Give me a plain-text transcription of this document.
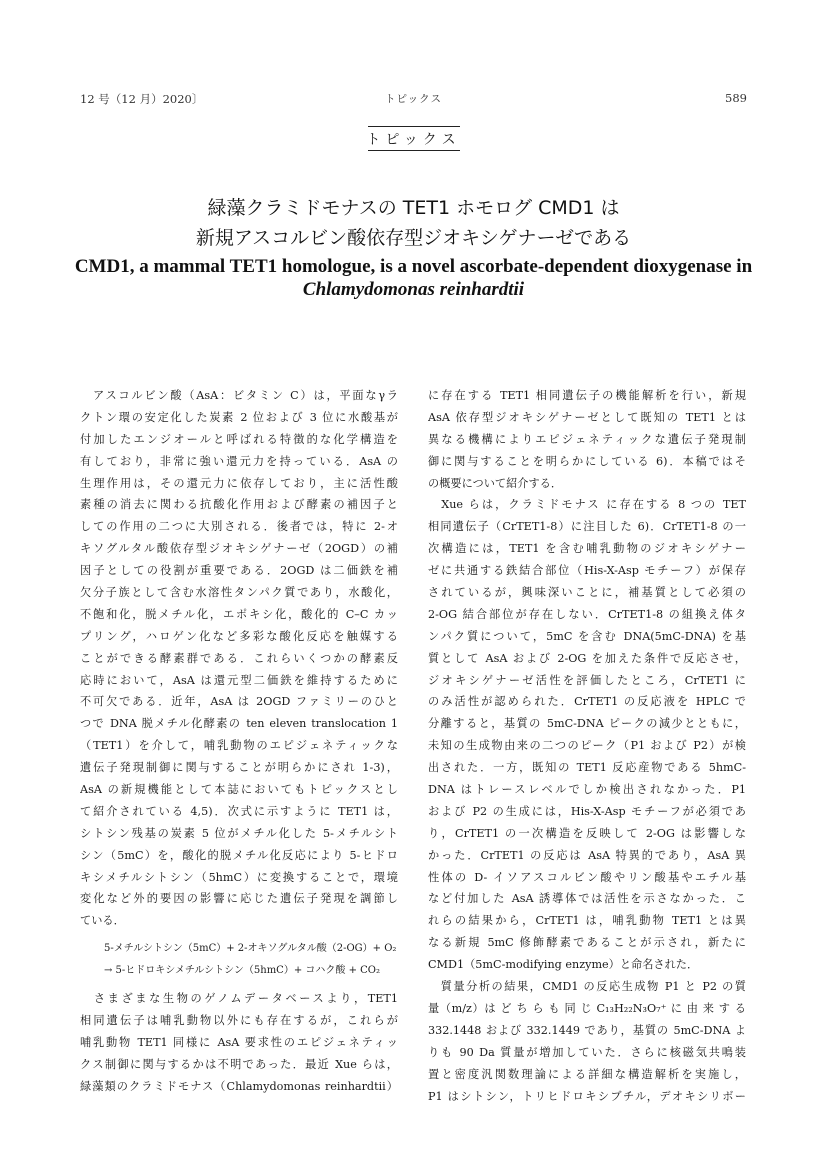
12 号（12 月）2020〕	トピックス	589
トピックス
緑藻クラミドモナスの TET1 ホモログ CMD1 は
新規アスコルビン酸依存型ジオキシゲナーゼである
CMD1, a mammal TET1 homologue, is a novel ascorbate-dependent dioxygenase in
Chlamydomonas reinhardtii
　アスコルビン酸（AsA：ビタミン C）は，平面なγラ
クトン環の安定化した炭素 2 位および 3 位に水酸基が
付加したエンジオールと呼ばれる特徴的な化学構造を
有しており，非常に強い還元力を持っている．AsA の
生理作用は，その還元力に依存しており，主に活性酸
素種の消去に関わる抗酸化作用および酵素の補因子と
しての作用の二つに大別される．後者では，特に 2-オ
キソグルタル酸依存型ジオキシゲナーゼ（2OGD）の補
因子としての役割が重要である．2OGD は二価鉄を補
欠分子族として含む水溶性タンパク質であり，水酸化，
不飽和化，脱メチル化，エポキシ化，酸化的 C–C カッ
プリング，ハロゲン化など多彩な酸化反応を触媒する
ことができる酵素群である．これらいくつかの酵素反
応時において，AsA は還元型二価鉄を維持するために
不可欠である．近年，AsA は 2OGD ファミリーのひと
つで DNA 脱メチル化酵素の ten eleven translocation 1
（TET1）を介して，哺乳動物のエピジェネティックな
遺伝子発現制御に関与することが明らかにされ 1-3)，
AsA の新規機能として本誌においてもトピックスとし
て紹介されている 4,5)．次式に示すように TET1 は，
シトシン残基の炭素 5 位がメチル化した 5-メチルシト
シン（5mC）を，酸化的脱メチル化反応により 5-ヒドロ
キシメチルシトシン（5hmC）に変換することで，環境
変化など外的要因の影響に応じた遺伝子発現を調節し
ている．
5-メチルシトシン（5mC）+ 2-オキソグルタル酸（2-OG）+ O₂
→ 5-ヒドロキシメチルシトシン（5hmC）+ コハク酸 + CO₂
　さまざまな生物のゲノムデータベースより，TET1
相同遺伝子は哺乳動物以外にも存在するが，これらが
哺乳動物 TET1 同様に AsA 要求性のエピジェネティッ
クス制御に関与するかは不明であった．最近 Xue らは，
緑藻類のクラミドモナス（Chlamydomonas reinhardtii）
に存在する TET1 相同遺伝子の機能解析を行い，新規
AsA 依存型ジオキシゲナーゼとして既知の TET1 とは
異なる機構によりエピジェネティックな遺伝子発現制
御に関与することを明らかにしている 6)．本稿ではそ
の概要について紹介する．
　Xue らは，クラミドモナス に存在する 8 つの TET
相同遺伝子（CrTET1-8）に注目した 6)．CrTET1-8 の一
次構造には，TET1 を含む哺乳動物のジオキシゲナー
ゼに共通する鉄結合部位（His-X-Asp モチーフ）が保存
されているが，興味深いことに，補基質として必須の
2-OG 結合部位が存在しない．CrTET1-8 の組換え体タ
ンパク質について，5mC を含む DNA(5mC-DNA) を基
質として AsA および 2-OG を加えた条件で反応させ，
ジオキシゲナーゼ活性を評価したところ，CrTET1 に
のみ活性が認められた．CrTET1 の反応液を HPLC で
分離すると，基質の 5mC-DNA ピークの減少とともに，
未知の生成物由来の二つのピーク（P1 および P2）が検
出された．一方，既知の TET1 反応産物である 5hmC-
DNA はトレースレベルでしか検出されなかった．P1
および P2 の生成には，His-X-Asp モチーフが必須であ
り，CrTET1 の一次構造を反映して 2-OG は影響しな
かった．CrTET1 の反応は AsA 特異的であり，AsA 異
性体の D- イソアスコルビン酸やリン酸基やエチル基
など付加した AsA 誘導体では活性を示さなかった．こ
れらの結果から，CrTET1 は，哺乳動物 TET1 とは異
なる新規 5mC 修飾酵素であることが示され，新たに
CMD1（5mC-modifying enzyme）と命名された．
　質量分析の結果，CMD1 の反応生成物 P1 と P2 の質
量（m/z）は ど ち ら も 同 じ C₁₃H₂₂N₃O₇⁺ に 由 来 す る
332.1448 および 332.1449 であり，基質の 5mC-DNA よ
りも 90 Da 質量が増加していた．さらに核磁気共鳴装
置と密度汎関数理論による詳細な構造解析を実施し，
P1 はシトシン，トリヒドロキシブチル，デオキシリボー
